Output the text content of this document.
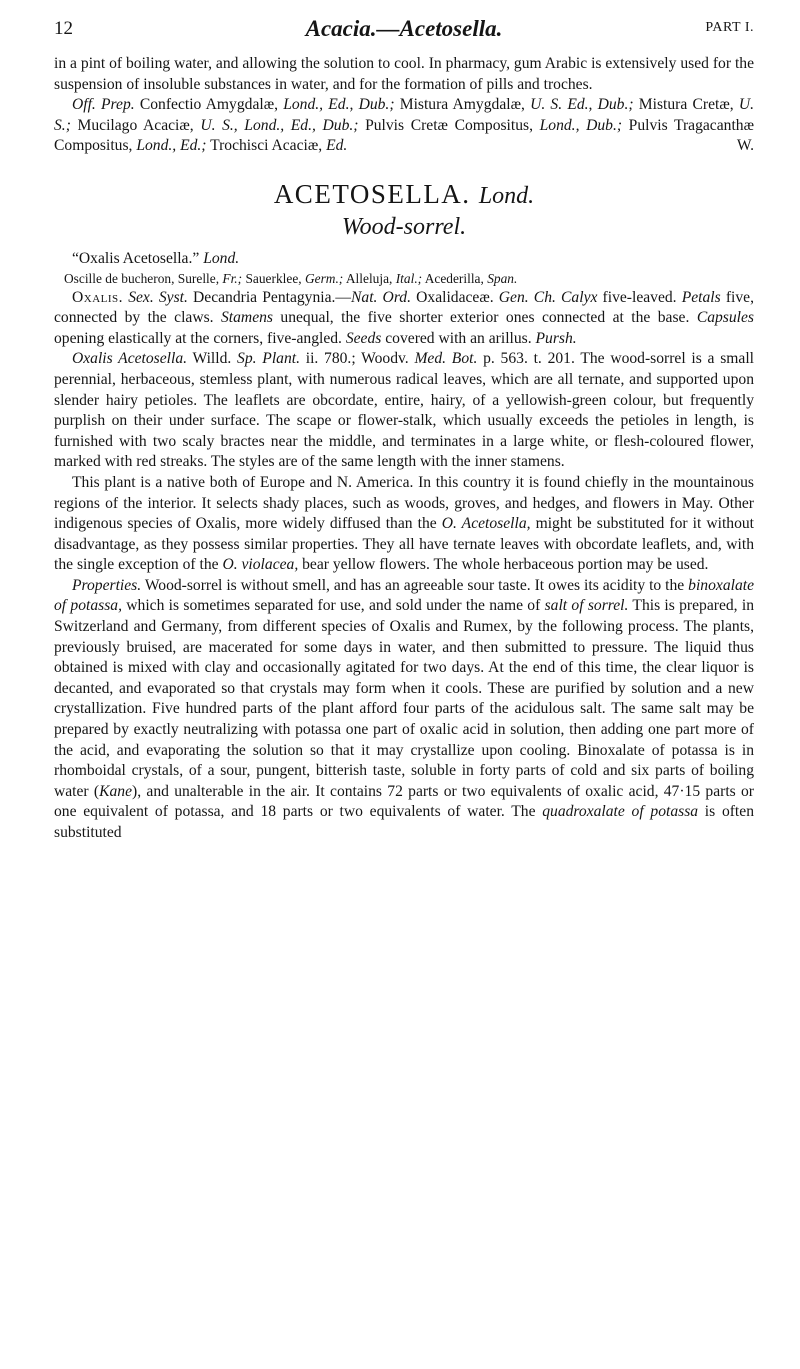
12	Acacia.—Acetosella.	PART I.

in a pint of boiling water, and allowing the solution to cool. In pharmacy, gum Arabic is extensively used for the suspension of insoluble substances in water, and for the formation of pills and troches.

Off. Prep. Confectio Amygdalæ, Lond., Ed., Dub.; Mistura Amygdalæ, U. S. Ed., Dub.; Mistura Cretæ, U. S.; Mucilago Acaciæ, U. S., Lond., Ed., Dub.; Pulvis Cretæ Compositus, Lond., Dub.; Pulvis Tragacanthæ Compositus, Lond., Ed.; Trochisci Acaciæ, Ed.	W.

ACETOSELLA. Lond.
Wood-sorrel.

“Oxalis Acetosella.” Lond.

Oscille de bucheron, Surelle, Fr.; Sauerklee, Germ.; Alleluja, Ital.; Acederilla, Span.

Oxalis. Sex. Syst. Decandria Pentagynia.—Nat. Ord. Oxalidaceæ. Gen. Ch. Calyx five-leaved. Petals five, connected by the claws. Stamens unequal, the five shorter exterior ones connected at the base. Capsules opening elastically at the corners, five-angled. Seeds covered with an arillus. Pursh.

Oxalis Acetosella. Willd. Sp. Plant. ii. 780.; Woodv. Med. Bot. p. 563. t. 201. The wood-sorrel is a small perennial, herbaceous, stemless plant, with numerous radical leaves, which are all ternate, and supported upon slender hairy petioles. The leaflets are obcordate, entire, hairy, of a yellowish-green colour, but frequently purplish on their under surface. The scape or flower-stalk, which usually exceeds the petioles in length, is furnished with two scaly bractes near the middle, and terminates in a large white, or flesh-coloured flower, marked with red streaks. The styles are of the same length with the inner stamens.

This plant is a native both of Europe and N. America. In this country it is found chiefly in the mountainous regions of the interior. It selects shady places, such as woods, groves, and hedges, and flowers in May. Other indigenous species of Oxalis, more widely diffused than the O. Acetosella, might be substituted for it without disadvantage, as they possess similar properties. They all have ternate leaves with obcordate leaflets, and, with the single exception of the O. violacea, bear yellow flowers. The whole herbaceous portion may be used.

Properties. Wood-sorrel is without smell, and has an agreeable sour taste. It owes its acidity to the binoxalate of potassa, which is sometimes separated for use, and sold under the name of salt of sorrel. This is prepared, in Switzerland and Germany, from different species of Oxalis and Rumex, by the following process. The plants, previously bruised, are macerated for some days in water, and then submitted to pressure. The liquid thus obtained is mixed with clay and occasionally agitated for two days. At the end of this time, the clear liquor is decanted, and evaporated so that crystals may form when it cools. These are purified by solution and a new crystallization. Five hundred parts of the plant afford four parts of the acidulous salt. The same salt may be prepared by exactly neutralizing with potassa one part of oxalic acid in solution, then adding one part more of the acid, and evaporating the solution so that it may crystallize upon cooling. Binoxalate of potassa is in rhomboidal crystals, of a sour, pungent, bitterish taste, soluble in forty parts of cold and six parts of boiling water (Kane), and unalterable in the air. It contains 72 parts or two equivalents of oxalic acid, 47·15 parts or one equivalent of potassa, and 18 parts or two equivalents of water. The quadroxalate of potassa is often substituted
